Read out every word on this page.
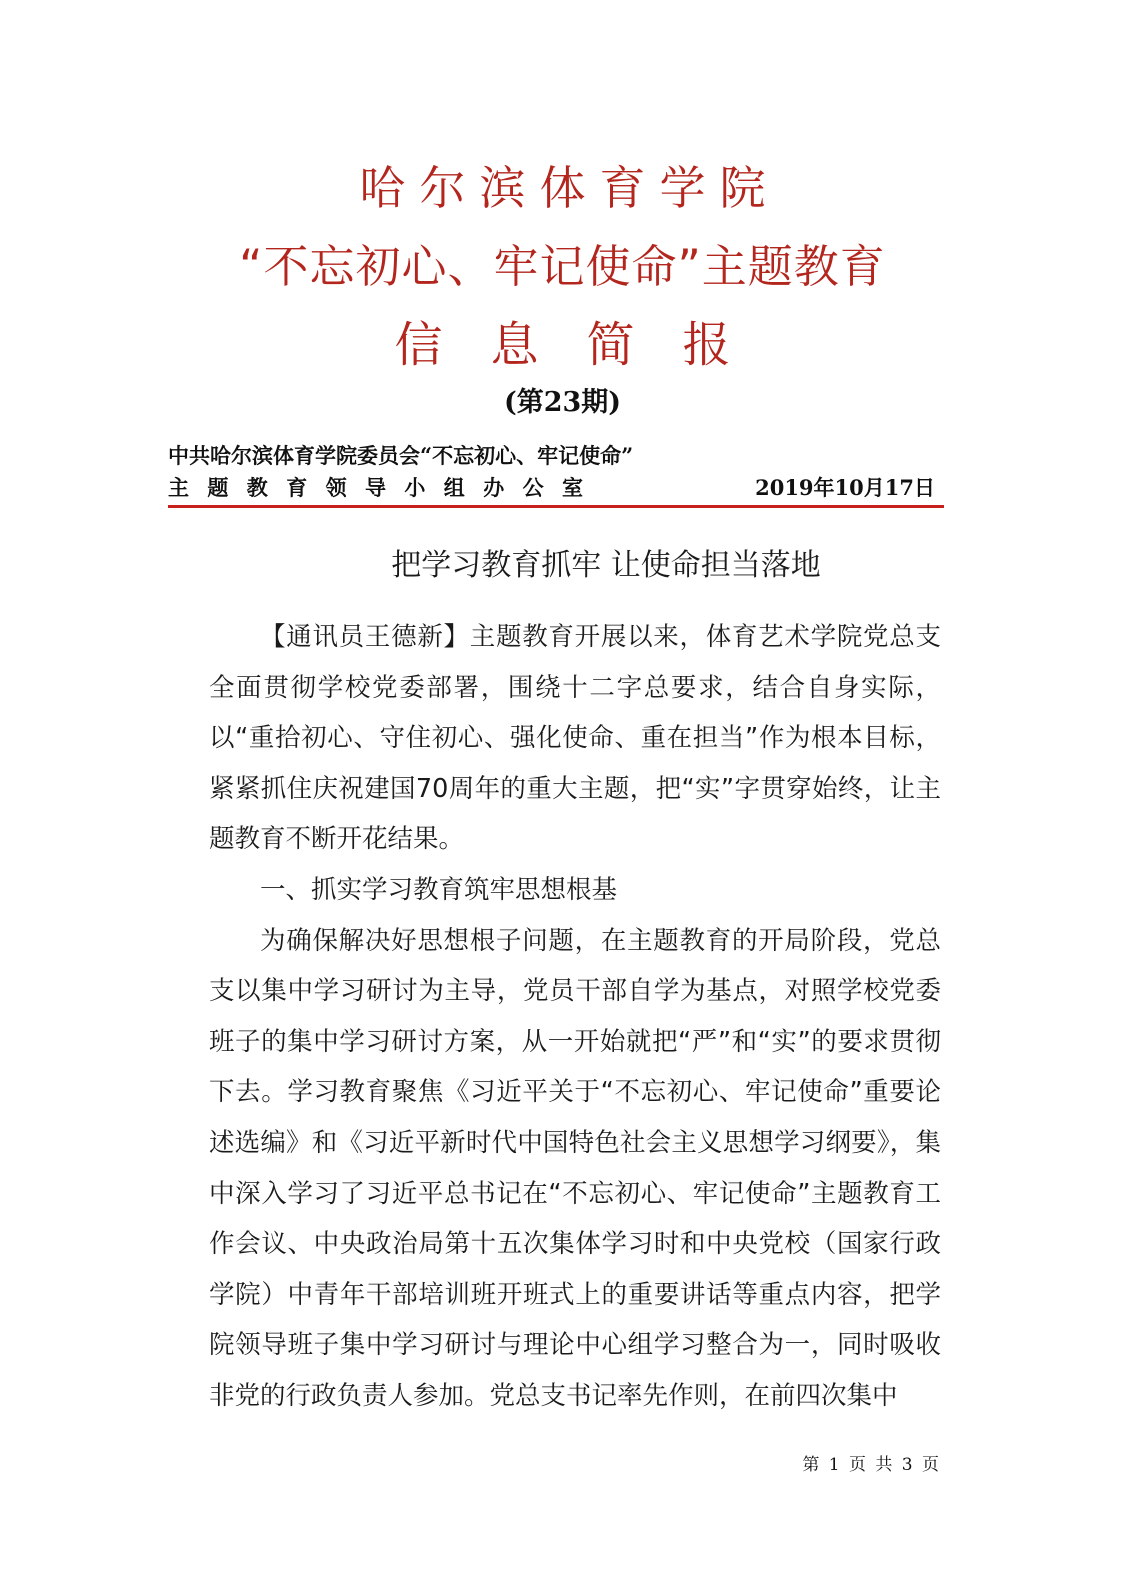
哈尔滨体育学院
“不忘初心、牢记使命”主题教育
信息简报
(第23期)
中共哈尔滨体育学院委员会“不忘初心、牢记使命”
主题教育领导小组办公室	2019年10月17日
把学习教育抓牢 让使命担当落地

【通讯员王德新】主题教育开展以来，体育艺术学院党总支全面贯彻学校党委部署，围绕十二字总要求，结合自身实际，以“重拾初心、守住初心、强化使命、重在担当”作为根本目标，紧紧抓住庆祝建国70周年的重大主题，把“实”字贯穿始终，让主题教育不断开花结果。

一、抓实学习教育筑牢思想根基

为确保解决好思想根子问题，在主题教育的开局阶段，党总支以集中学习研讨为主导，党员干部自学为基点，对照学校党委班子的集中学习研讨方案，从一开始就把“严”和“实”的要求贯彻下去。学习教育聚焦《习近平关于“不忘初心、牢记使命”重要论述选编》和《习近平新时代中国特色社会主义思想学习纲要》，集中深入学习了习近平总书记在“不忘初心、牢记使命”主题教育工作会议、中央政治局第十五次集体学习时和中央党校（国家行政学院）中青年干部培训班开班式上的重要讲话等重点内容，把学院领导班子集中学习研讨与理论中心组学习整合为一，同时吸收非党的行政负责人参加。党总支书记率先作则，在前四次集中

第 1 页 共 3 页
